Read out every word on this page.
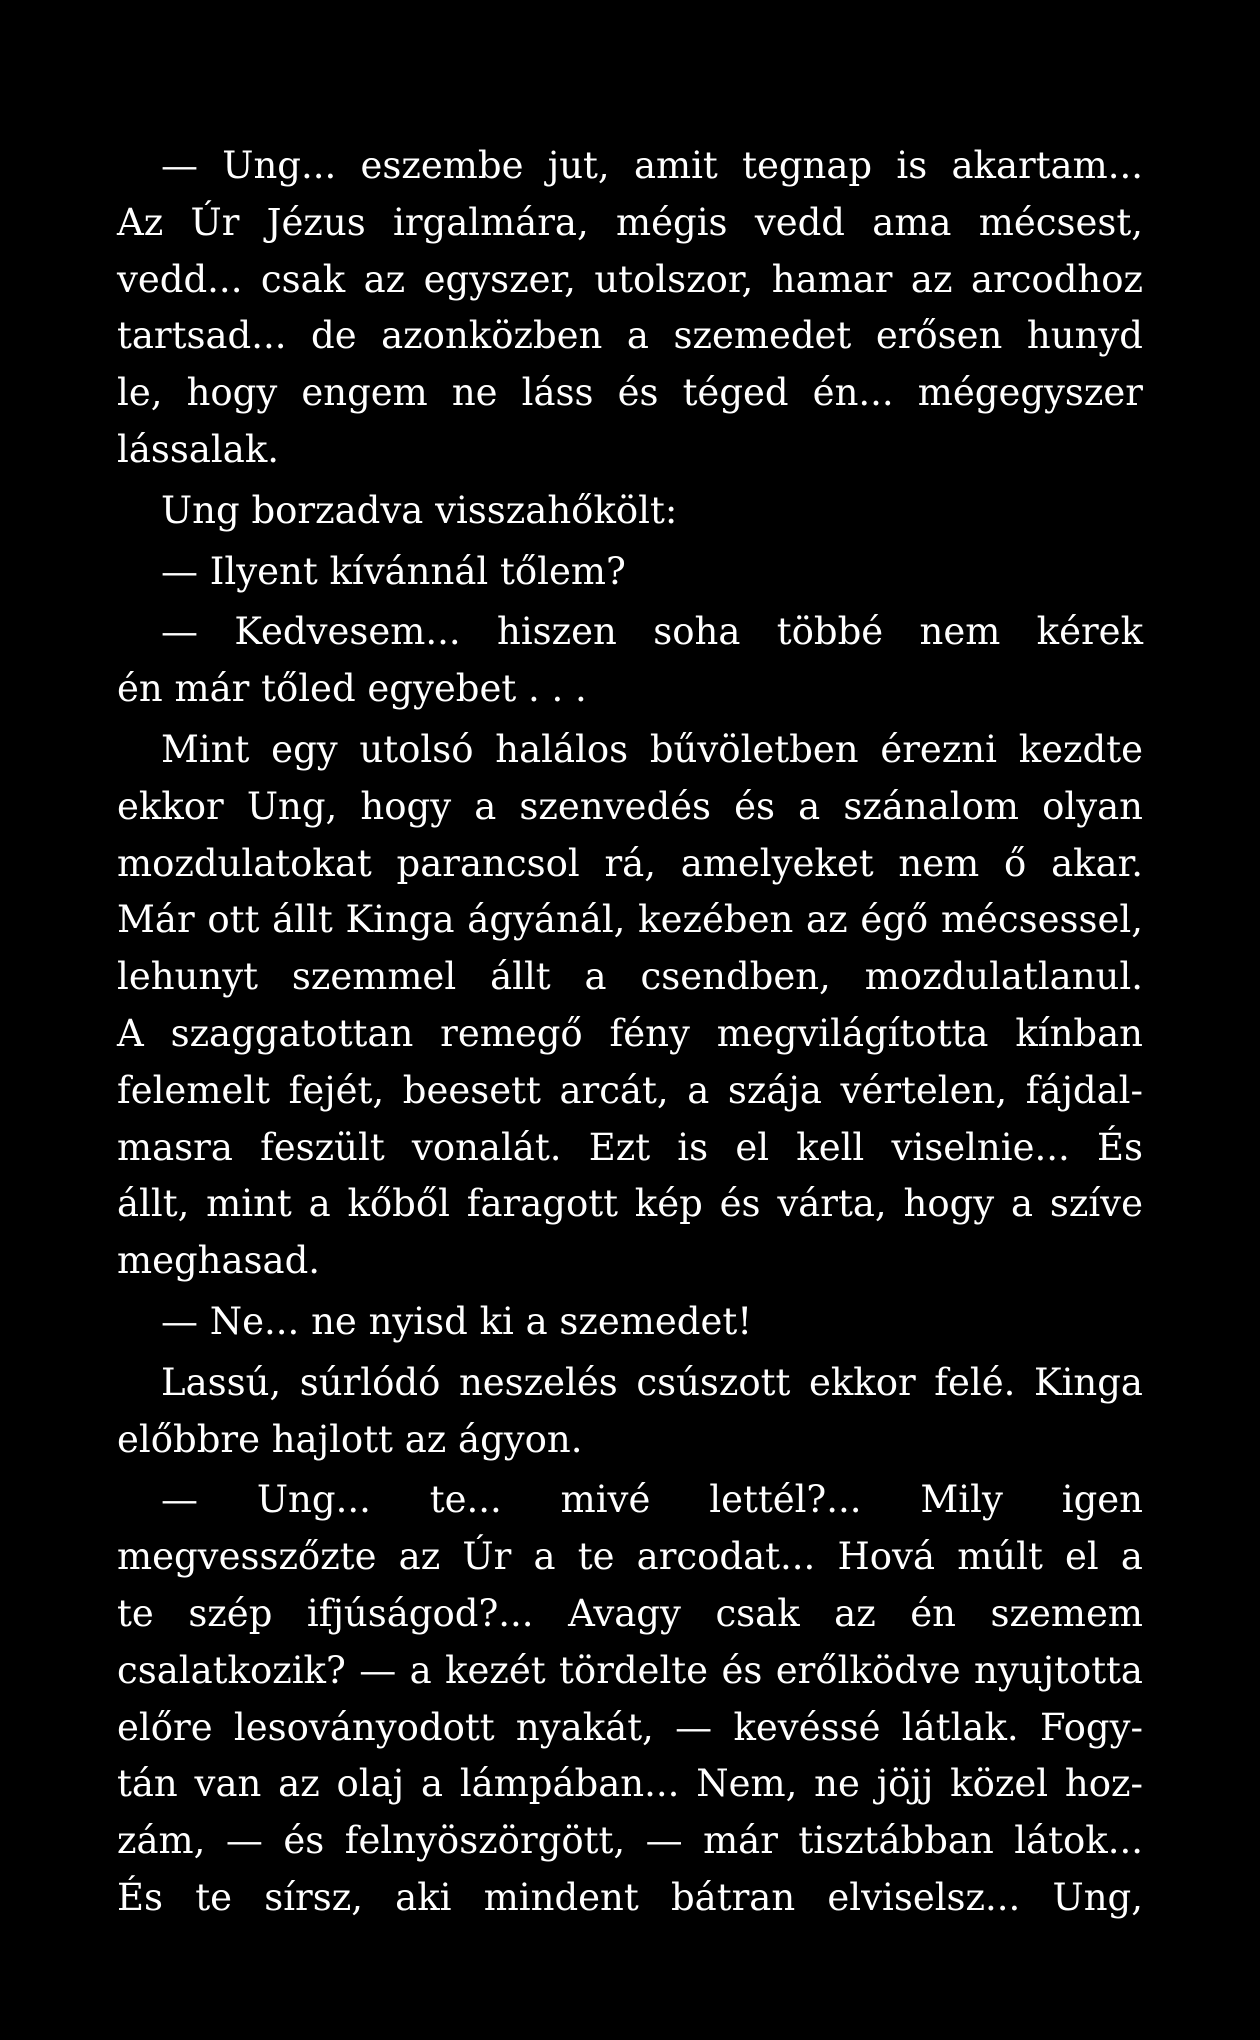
— Ung... eszembe jut, amit tegnap is akartam...
Az Úr Jézus irgalmára, mégis vedd ama mécsest,
vedd... csak az egyszer, utolszor, hamar az arcodhoz
tartsad... de azonközben a szemedet erősen hunyd
le, hogy engem ne láss és téged én... mégegyszer
lássalak.
Ung borzadva visszahőkölt:
— Ilyent kívánnál tőlem?
— Kedvesem... hiszen soha többé nem kérek
én már tőled egyebet . . .
Mint egy utolsó halálos bűvöletben érezni kezdte
ekkor Ung, hogy a szenvedés és a szánalom olyan
mozdulatokat parancsol rá, amelyeket nem ő akar.
Már ott állt Kinga ágyánál, kezében az égő mécsessel,
lehunyt szemmel állt a csendben, mozdulatlanul.
A szaggatottan remegő fény megvilágította kínban
felemelt fejét, beesett arcát, a szája vértelen, fájdal-
masra feszült vonalát. Ezt is el kell viselnie... És
állt, mint a kőből faragott kép és várta, hogy a szíve
meghasad.
— Ne... ne nyisd ki a szemedet!
Lassú, súrlódó neszelés csúszott ekkor felé. Kinga
előbbre hajlott az ágyon.
— Ung... te... mivé lettél?... Mily igen
megvesszőzte az Úr a te arcodat... Hová múlt el a
te szép ifjúságod?... Avagy csak az én szemem
csalatkozik? — a kezét tördelte és erőlködve nyujtotta
előre lesoványodott nyakát, — kevéssé látlak. Fogy-
tán van az olaj a lámpában... Nem, ne jöjj közel hoz-
zám, — és felnyöszörgött, — már tisztábban látok...
És te sírsz, aki mindent bátran elviselsz... Ung,
